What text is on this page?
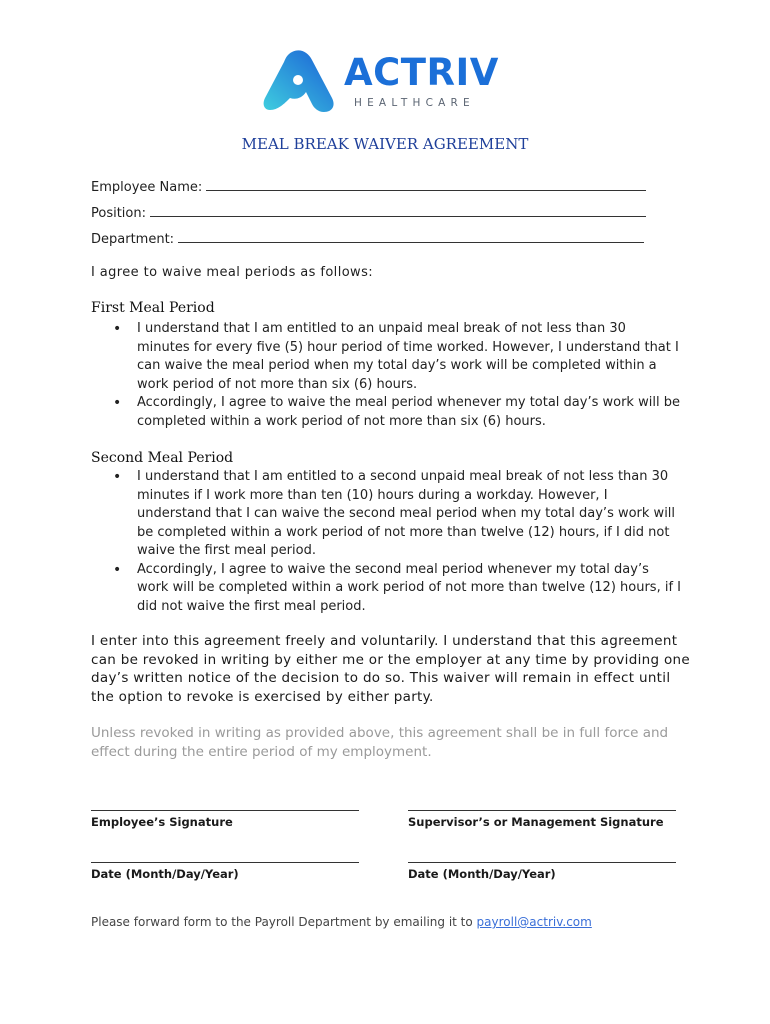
ACTRIV
HEALTHCARE
MEAL BREAK WAIVER AGREEMENT
Employee Name:
Position:
Department:
I agree to waive meal periods as follows:
First Meal Period
• I understand that I am entitled to an unpaid meal break of not less than 30 minutes for every five (5) hour period of time worked. However, I understand that I can waive the meal period when my total day’s work will be completed within a work period of not more than six (6) hours.
• Accordingly, I agree to waive the meal period whenever my total day’s work will be completed within a work period of not more than six (6) hours.
Second Meal Period
• I understand that I am entitled to a second unpaid meal break of not less than 30 minutes if I work more than ten (10) hours during a workday. However, I understand that I can waive the second meal period when my total day’s work will be completed within a work period of not more than twelve (12) hours, if I did not waive the first meal period.
• Accordingly, I agree to waive the second meal period whenever my total day’s work will be completed within a work period of not more than twelve (12) hours, if I did not waive the first meal period.
I enter into this agreement freely and voluntarily. I understand that this agreement can be revoked in writing by either me or the employer at any time by providing one day’s written notice of the decision to do so. This waiver will remain in effect until the option to revoke is exercised by either party.
Unless revoked in writing as provided above, this agreement shall be in full force and effect during the entire period of my employment.
Employee’s Signature	Supervisor’s or Management Signature
Date (Month/Day/Year)	Date (Month/Day/Year)
Please forward form to the Payroll Department by emailing it to payroll@actriv.com
